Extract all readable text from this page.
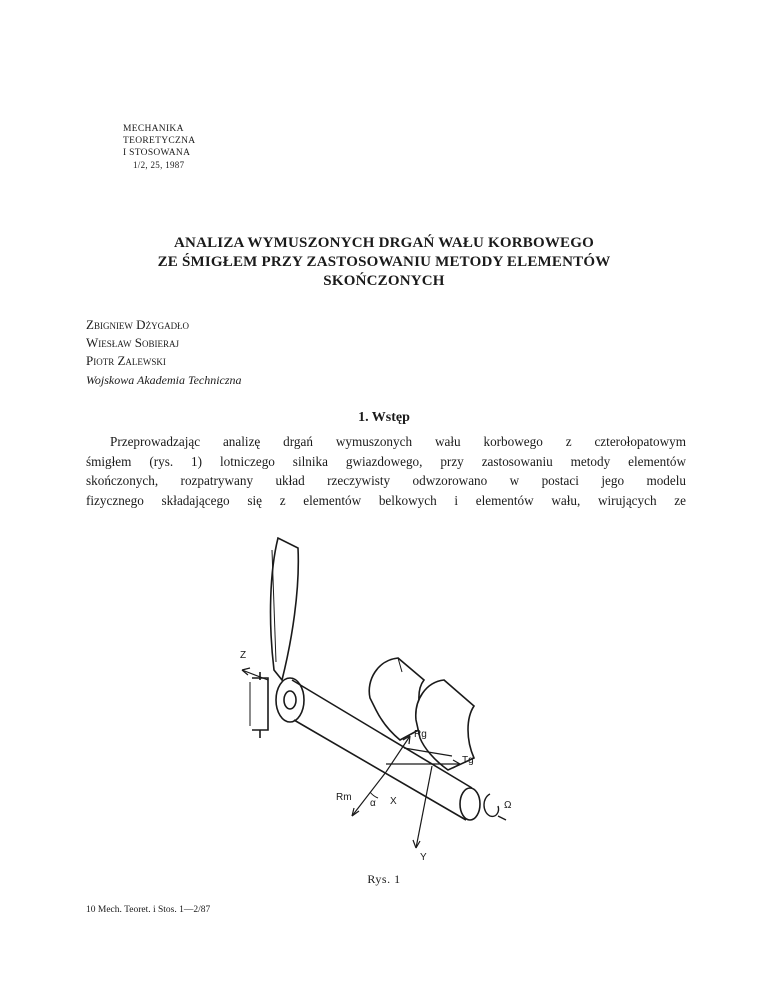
MECHANIKA
TEORETYCZNA
I STOSOWANA
1/2, 25, 1987
ANALIZA WYMUSZONYCH DRGAŃ WAŁU KORBOWEGO
ZE ŚMIGŁEM PRZY ZASTOSOWANIU METODY ELEMENTÓW
SKOŃCZONYCH
Zbigniew Dżygadło
Wiesław Sobieraj
Piotr Zalewski
Wojskowa Akademia Techniczna
1. Wstęp
Przeprowadzając analizę drgań wymuszonych wału korbowego z czterołopatowym
śmigłem (rys. 1) lotniczego silnika gwiazdowego, przy zastosowaniu metody elementów
skończonych, rozpatrywany układ rzeczywisty odwzorowano w postaci jego modelu
fizycznego składającego się z elementów belkowych i elementów wału, wirujących ze
Z
Rg
Tg
Rm
α X	Ω
Y
Rys. 1
10 Mech. Teoret. i Stos. 1—2/87
